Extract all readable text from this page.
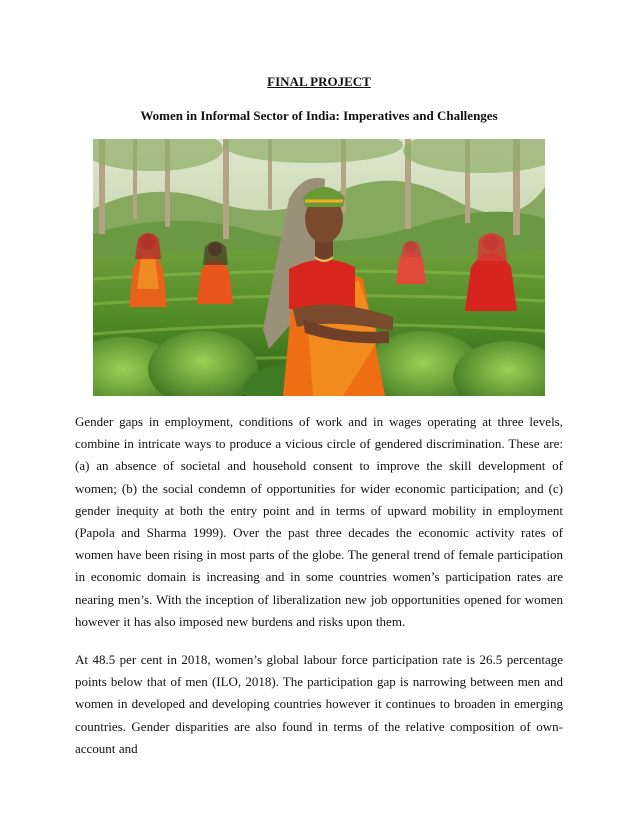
FINAL PROJECT

Women in Informal Sector of India: Imperatives and Challenges

Gender gaps in employment, conditions of work and in wages operating at three levels, combine in intricate ways to produce a vicious circle of gendered discrimination. These are: (a) an absence of societal and household consent to improve the skill development of women; (b) the social condemn of opportunities for wider economic participation; and (c) gender inequity at both the entry point and in terms of upward mobility in employment (Papola and Sharma 1999). Over the past three decades the economic activity rates of women have been rising in most parts of the globe. The general trend of female participation in economic domain is increasing and in some countries women’s participation rates are nearing men’s. With the inception of liberalization new job opportunities opened for women however it has also imposed new burdens and risks upon them.

At 48.5 per cent in 2018, women’s global labour force participation rate is 26.5 percentage points below that of men (ILO, 2018). The participation gap is narrowing between men and women in developed and developing countries however it continues to broaden in emerging countries. Gender disparities are also found in terms of the relative composition of own-account and
